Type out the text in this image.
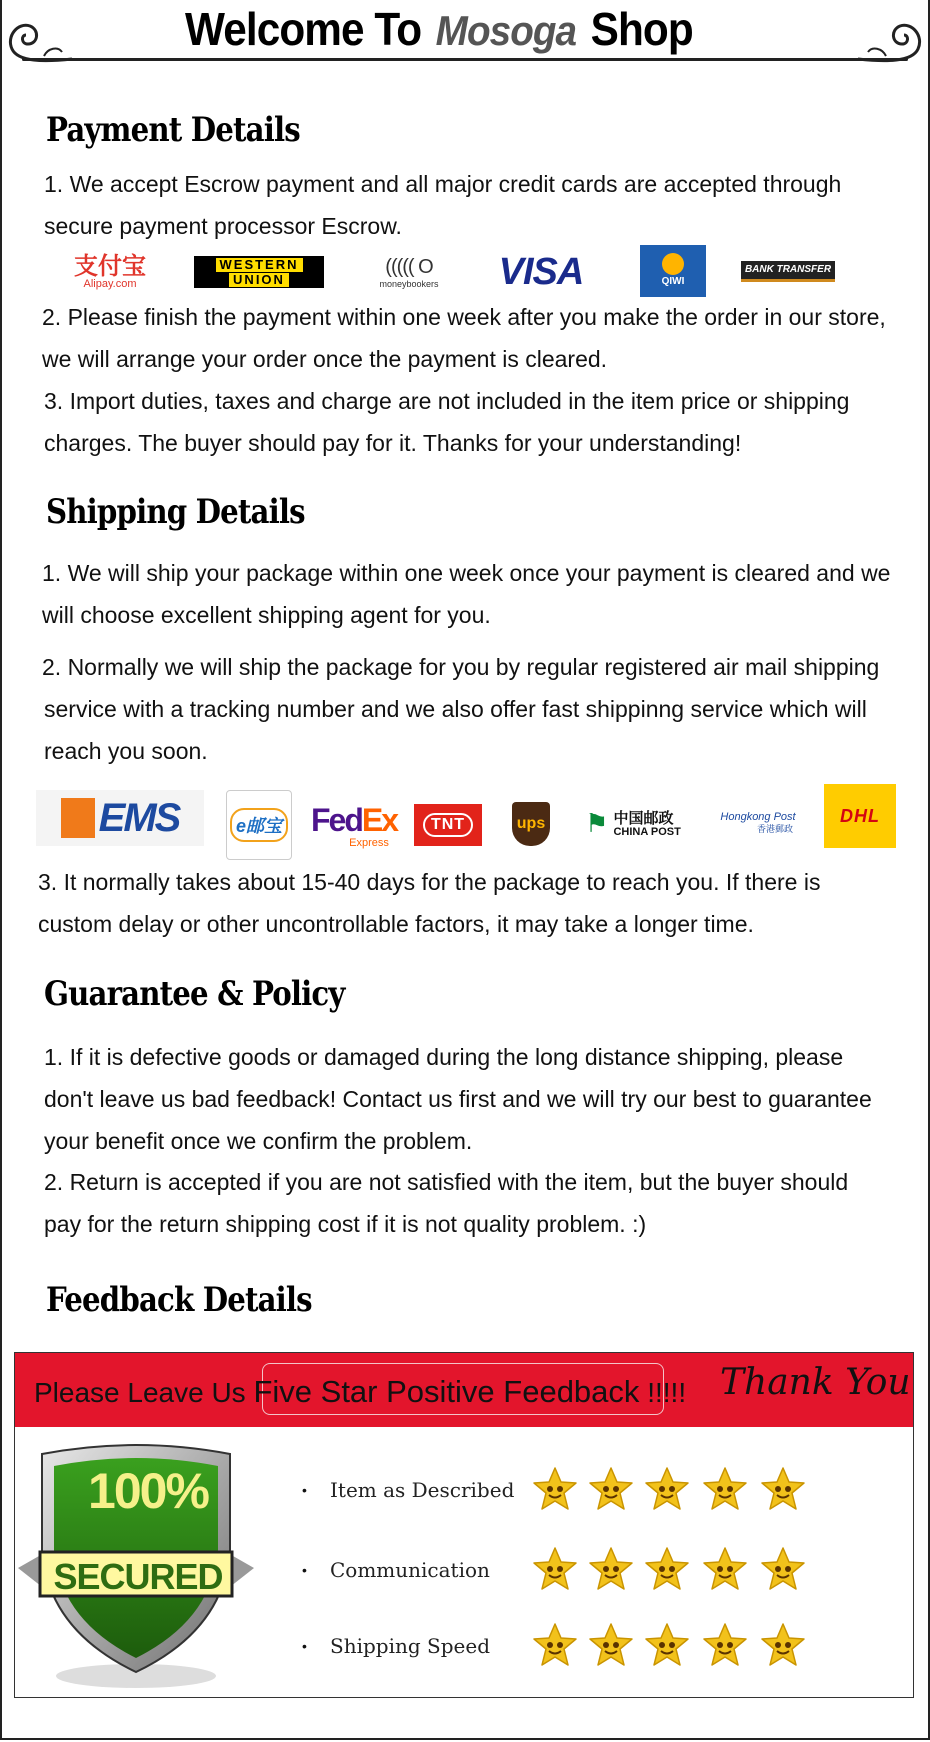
Welcome To Mosoga Shop
Payment Details
1. We accept Escrow payment and all major credit cards are accepted through
secure payment processor Escrow.
支付宝
Alipay.com
WESTERN
UNION
((((( O
moneybookers VISA	QIWI
BANK TRANSFER
2. Please finish the payment within one week after you make the order in our store,
we will arrange your order once the payment is cleared.
3. Import duties, taxes and charge are not included in the item price or shipping
charges. The buyer should pay for it. Thanks for your understanding!
Shipping Details
1. We will ship your package within one week once your payment is cleared and we
will choose excellent shipping agent for you.
2. Normally we will ship the package for you by regular registered air mail shipping
service with a tracking number and we also offer fast shippinng service which will
reach you soon.
EMS	e邮宝 FedEx
Express
TNT	ups ⚑ 中国邮政
CHINA POST
Hongkong Post
香港郵政
DHL
3. It normally takes about 15-40 days for the package to reach you. If there is
custom delay or other uncontrollable factors, it may take a longer time.
Guarantee & Policy
1. If it is defective goods or damaged during the long distance shipping, please
don't leave us bad feedback! Contact us first and we will try our best to guarantee
your benefit once we confirm the problem.
2. Return is accepted if you are not satisfied with the item, but the buyer should
pay for the return shipping cost if it is not quality problem. :)
Feedback Details
Please Leave Us Five Star Positive Feedback !!!!! Thank You
100%
SECURED
• Item as Described
• Communication
• Shipping Speed
